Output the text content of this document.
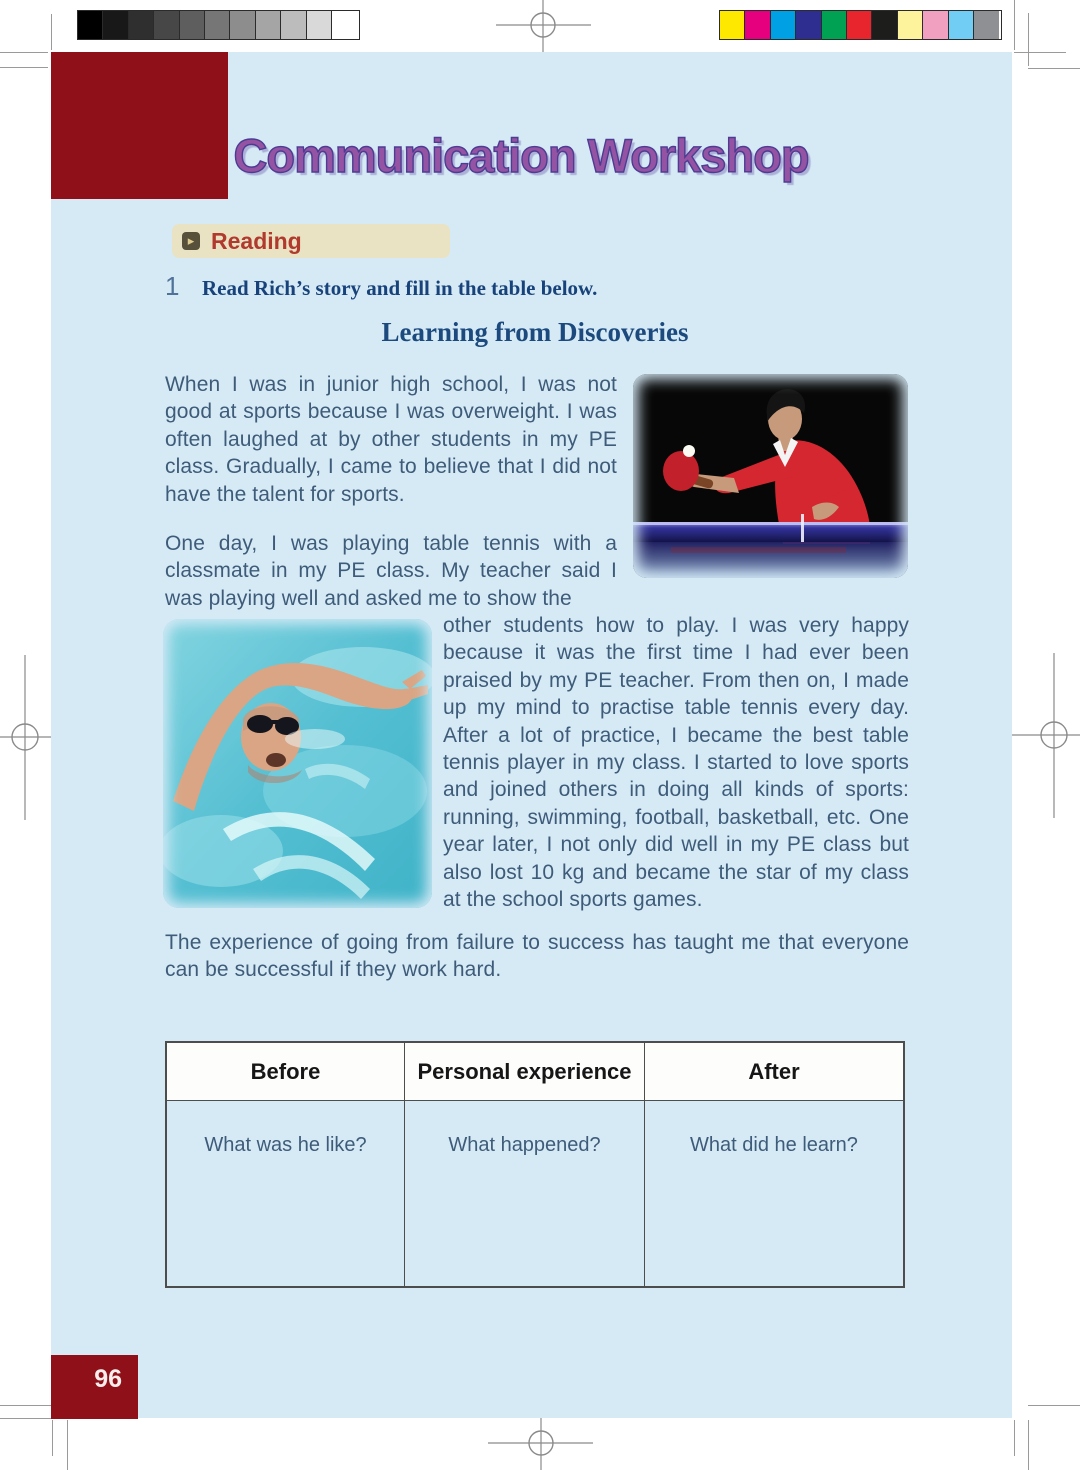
Communication Workshop
▸ Reading
1 Read Rich’s story and fill in the table below.
Learning from Discoveries
When I was in junior high school, I was not good at sports because I was overweight. I was often laughed at by other students in my PE class. Gradually, I came to believe that I did not have the talent for sports.
One day, I was playing table tennis with a classmate in my PE class. My teacher said I was playing well and asked me to show the
other students how to play. I was very happy because it was the first time I had ever been praised by my PE teacher. From then on, I made up my mind to practise table tennis every day. After a lot of practice, I became the best table tennis player in my class. I started to love sports and joined others in doing all kinds of sports: running, swimming, football, basketball, etc. One year later, I not only did well in my PE class but also lost 10 kg and became the star of my class at the school sports games.
The experience of going from failure to success has taught me that everyone can be successful if they work hard.
Before	Personal experience	After
What was he like?	What happened?	What did he learn?
96
